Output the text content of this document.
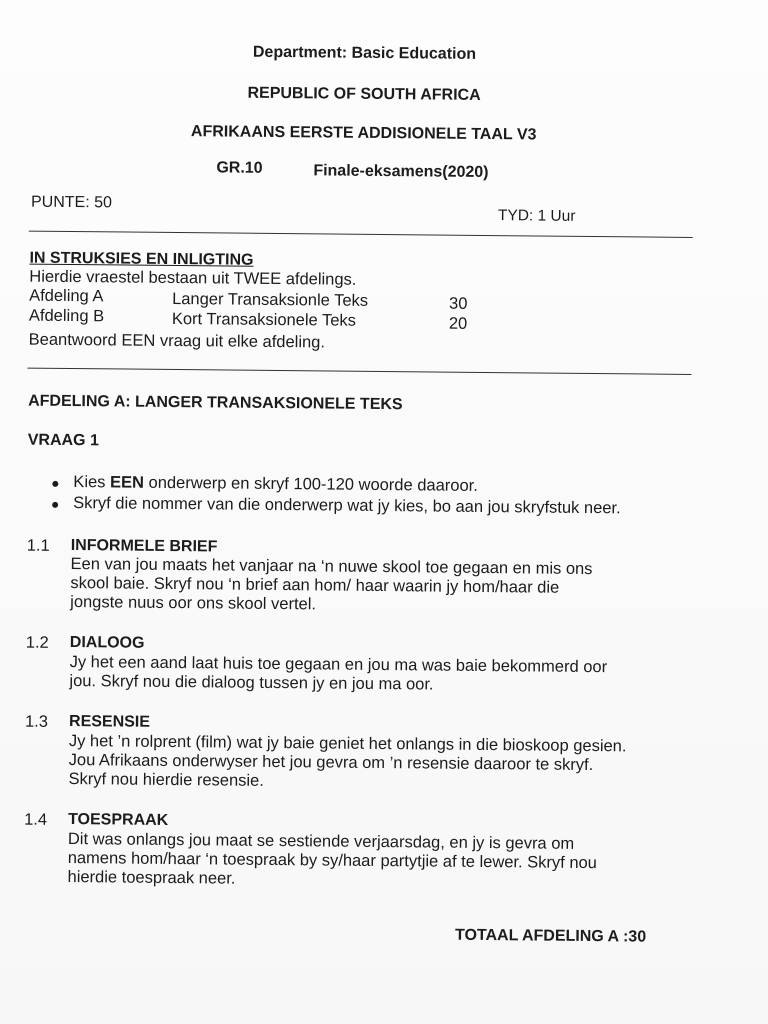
Department: Basic Education
REPUBLIC OF SOUTH AFRICA
AFRIKAANS EERSTE ADDISIONELE TAAL V3
GR.10	Finale-eksamens(2020)
PUNTE: 50
TYD: 1 Uur
IN STRUKSIES EN INLIGTING
Hierdie vraestel bestaan uit TWEE afdelings.
Afdeling A	Langer Transaksionle Teks	30
Afdeling B	Kort Transaksionele Teks	20
Beantwoord EEN vraag uit elke afdeling.
AFDELING A: LANGER TRANSAKSIONELE TEKS
VRAAG 1
Kies EEN onderwerp en skryf 100-120 woorde daaroor.
Skryf die nommer van die onderwerp wat jy kies, bo aan jou skryfstuk neer.
1.1 INFORMELE BRIEF
Een van jou maats het vanjaar na ‘n nuwe skool toe gegaan en mis ons
skool baie. Skryf nou ‘n brief aan hom/ haar waarin jy hom/haar die
jongste nuus oor ons skool vertel.
1.2 DIALOOG
Jy het een aand laat huis toe gegaan en jou ma was baie bekommerd oor
jou. Skryf nou die dialoog tussen jy en jou ma oor.
1.3 RESENSIE
Jy het ’n rolprent (film) wat jy baie geniet het onlangs in die bioskoop gesien.
Jou Afrikaans onderwyser het jou gevra om ’n resensie daaroor te skryf.
Skryf nou hierdie resensie.
1.4 TOESPRAAK
Dit was onlangs jou maat se sestiende verjaarsdag, en jy is gevra om
namens hom/haar ‘n toespraak by sy/haar partytjie af te lewer. Skryf nou
hierdie toespraak neer.
TOTAAL AFDELING A :30
